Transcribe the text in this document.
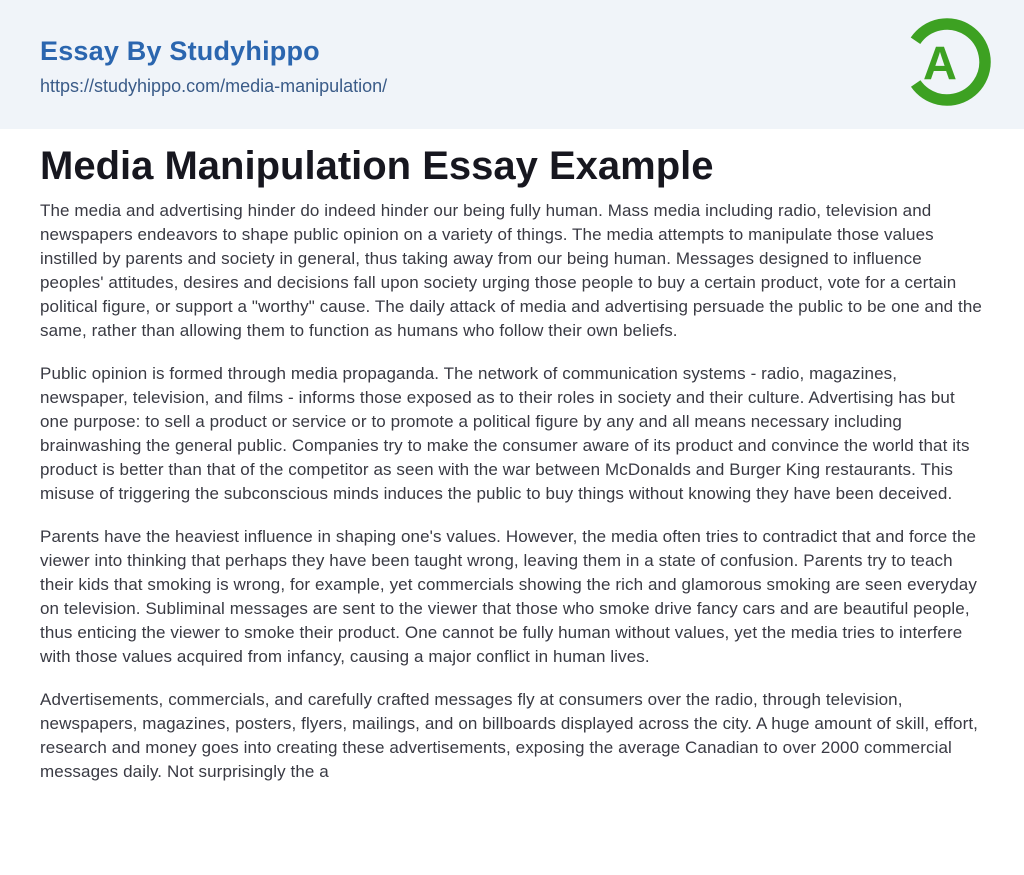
Essay By Studyhippo
https://studyhippo.com/media-manipulation/	A
Media Manipulation Essay Example

The media and advertising hinder do indeed hinder our being fully human. Mass media including radio, television and newspapers endeavors to shape public opinion on a variety of things. The media attempts to manipulate those values instilled by parents and society in general, thus taking away from our being human. Messages designed to influence peoples' attitudes, desires and decisions fall upon society urging those people to buy a certain product, vote for a certain political figure, or support a "worthy" cause. The daily attack of media and advertising persuade the public to be one and the same, rather than allowing them to function as humans who follow their own beliefs.

Public opinion is formed through media propaganda. The network of communication systems - radio, magazines, newspaper, television, and films - informs those exposed as to their roles in society and their culture. Advertising has but one purpose: to sell a product or service or to promote a political figure by any and all means necessary including brainwashing the general public. Companies try to make the consumer aware of its product and convince the world that its product is better than that of the competitor as seen with the war between McDonalds and Burger King restaurants. This misuse of triggering the subconscious minds induces the public to buy things without knowing they have been deceived.

Parents have the heaviest influence in shaping one's values. However, the media often tries to contradict that and force the viewer into thinking that perhaps they have been taught wrong, leaving them in a state of confusion. Parents try to teach their kids that smoking is wrong, for example, yet commercials showing the rich and glamorous smoking are seen everyday on television. Subliminal messages are sent to the viewer that those who smoke drive fancy cars and are beautiful people, thus enticing the viewer to smoke their product. One cannot be fully human without values, yet the media tries to interfere with those values acquired from infancy, causing a major conflict in human lives.

Advertisements, commercials, and carefully crafted messages fly at consumers over the radio, through television, newspapers, magazines, posters, flyers, mailings, and on billboards displayed across the city. A huge amount of skill, effort, research and money goes into creating these advertisements, exposing the average Canadian to over 2000 commercial messages daily. Not surprisingly the a
